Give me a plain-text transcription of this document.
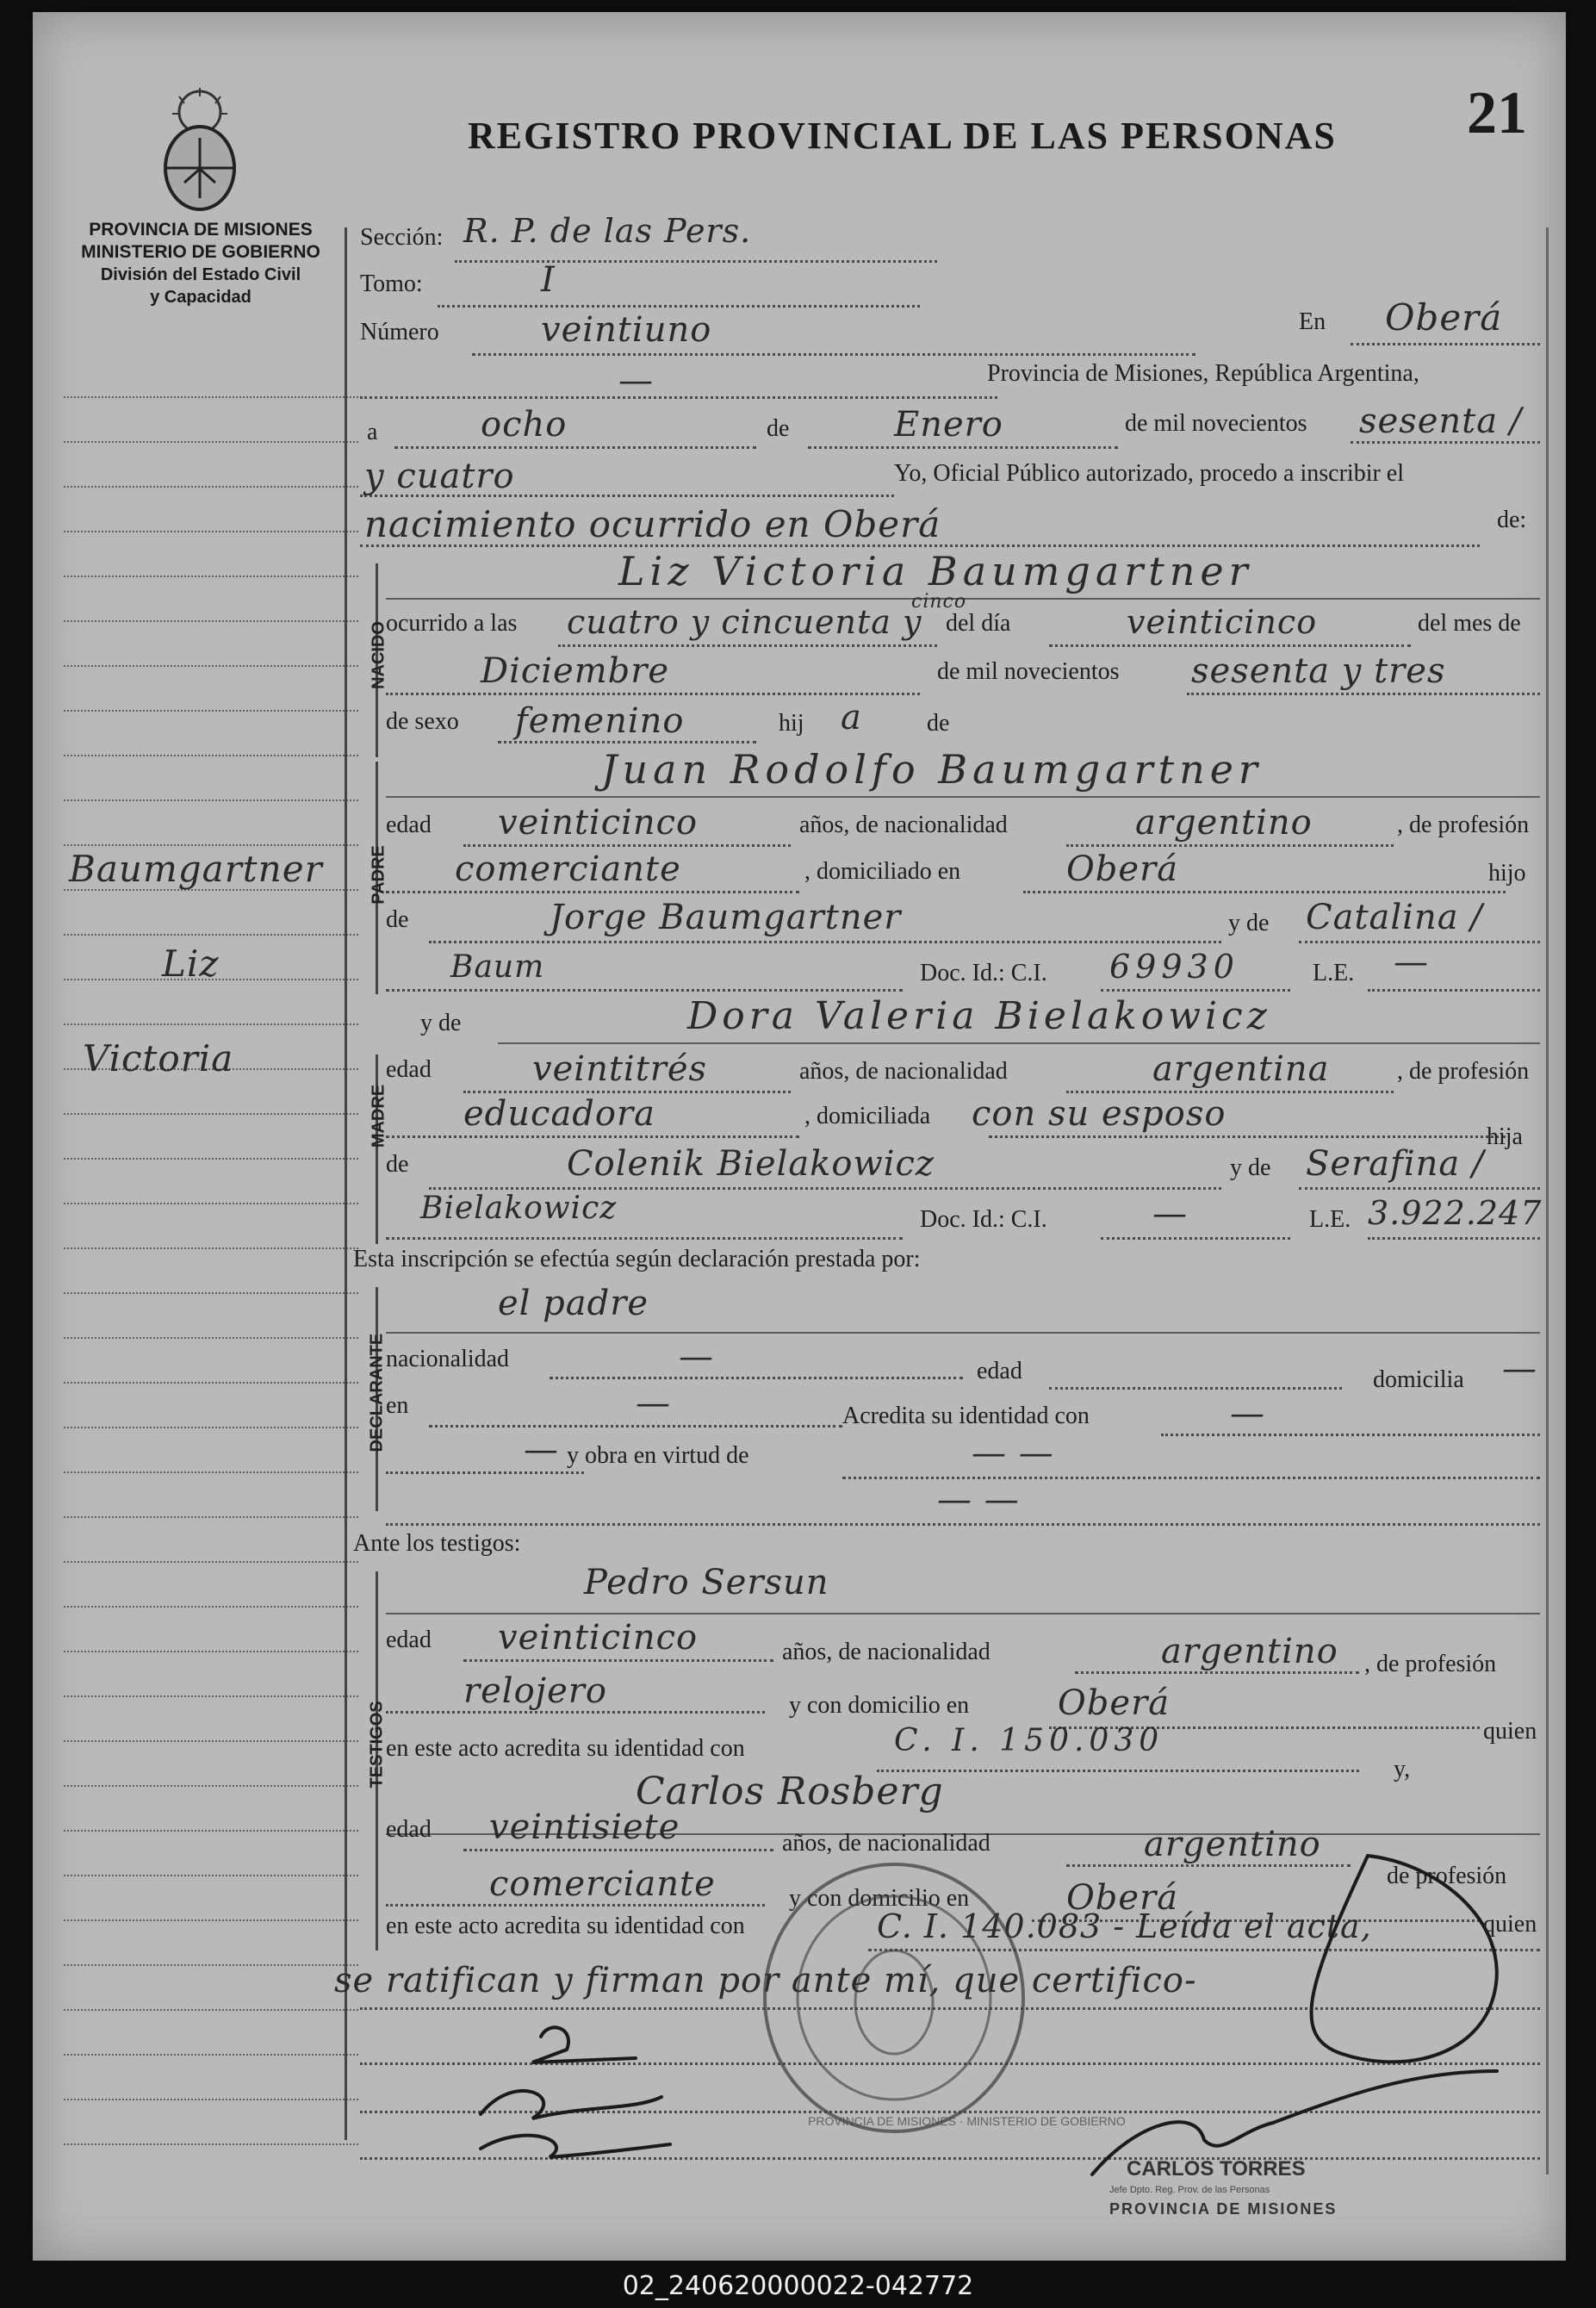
PROVINCIA DE MISIONES
MINISTERIO DE GOBIERNO
División del Estado Civil
y Capacidad
REGISTRO PROVINCIAL DE LAS PERSONAS 21
Baumgartner
Liz
Victoria
Sección: R. P. de las Pers.
Tomo:	I
Número	veintiuno	En Oberá
—	Provincia de Misiones, República Argentina,
a	ocho	de	Enero	de mil novecientos sesenta /
y cuatro	Yo, Oficial Público autorizado, procedo a inscribir el
nacimiento ocurrido en Oberá	de:
NACIDO
Liz Victoria Baumgartner
ocurrido a las cuatro y cincuenta y
cinco
del día	veinticinco	del mes de
Diciembre	de mil novecientos sesenta y tres
de sexo femenino	hij a	de
PADRE
Juan Rodolfo Baumgartner
edad veinticinco	años, de nacionalidad	argentino	, de profesión
comerciante	, domiciliado en	Oberá	hijo
de	Jorge Baumgartner	y de Catalina /
Baum	Doc. Id.: C.I. 69930	L.E. —
y de	Dora Valeria Bielakowicz
MADRE
edad	veintitrés	años, de nacionalidad	argentina	, de profesión
educadora	, domiciliada con su esposo
hija
de	Colenik Bielakowicz	y de Serafina /
Bielakowicz	Doc. Id.: C.I.	—	L.E. 3.922.247
Esta inscripción se efectúa según declaración prestada por:
el padre
DECLARANTE nacionalidad	—	edad	domicilia —
en	—	Acredita su identidad con	—
— y obra en virtud de	— —
— —
Ante los testigos:
Pedro Sersun
TESTIGOS
edad veinticinco	años, de nacionalidad	argentino , de profesión
relojero	y con domicilio en	Oberá
quien
en este acto acredita su identidad con	C. I. 150.030
y,
Carlos Rosberg
edad veintisiete	años, de nacionalidad	argentino
de profesión
comerciante	y con domicilio en	Oberá
quien
en este acto acredita su identidad con	C. I. 140.083 - Leída el acta,
se ratifican y firman por ante mí, que certifico-
CARLOS TORRES
Jefe Dpto. Reg. Prov. de las Personas
PROVINCIA DE MISIONES
PROVINCIA DE MISIONES · MINISTERIO DE GOBIERNO
02_240620000022-042772
